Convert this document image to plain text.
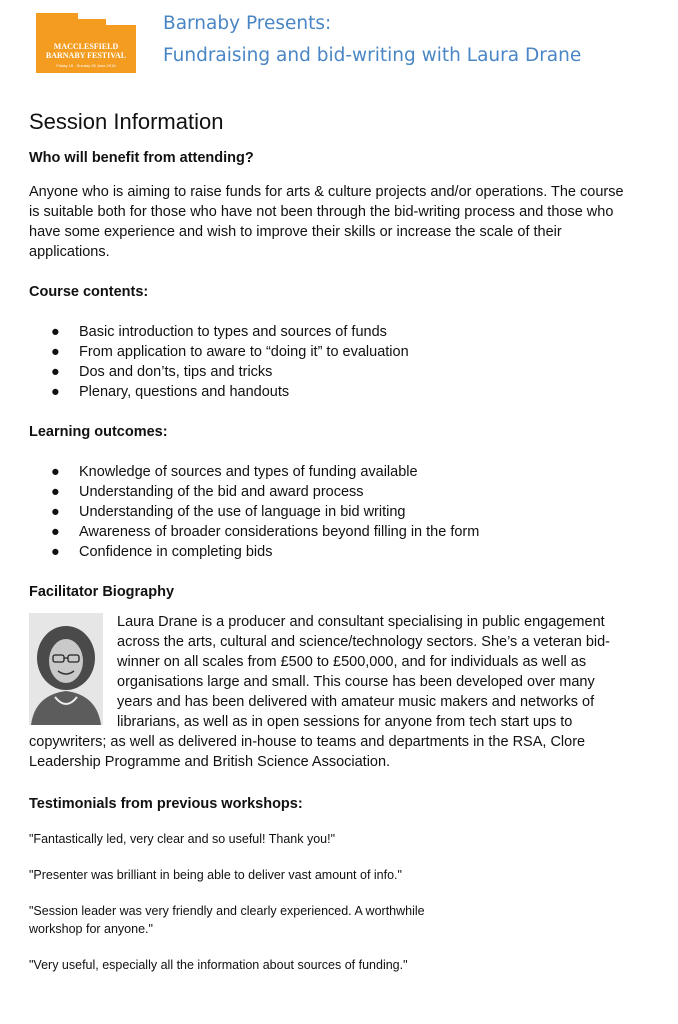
MACCLESFIELD
BARNABY FESTIVAL
Friday 15 - Sunday 26 June 2016
Barnaby Presents:
Fundraising and bid-writing with Laura Drane
Session Information

Who will benefit from attending?

Anyone who is aiming to raise funds for arts & culture projects and/or operations. The course
is suitable both for those who have not been through the bid-writing process and those who
have some experience and wish to improve their skills or increase the scale of their
applications.

Course contents:

● Basic introduction to types and sources of funds
● From application to aware to “doing it” to evaluation
● Dos and don’ts, tips and tricks
● Plenary, questions and handouts

Learning outcomes:

● Knowledge of sources and types of funding available
● Understanding of the bid and award process
● Understanding of the use of language in bid writing
● Awareness of broader considerations beyond filling in the form
● Confidence in completing bids

Facilitator Biography

Laura Drane is a producer and consultant specialising in public engagement
across the arts, cultural and science/technology sectors. She’s a veteran bid-
winner on all scales from £500 to £500,000, and for individuals as well as
organisations large and small. This course has been developed over many
years and has been delivered with amateur music makers and networks of
librarians, as well as in open sessions for anyone from tech start ups to
copywriters; as well as delivered in-house to teams and departments in the RSA, Clore
Leadership Programme and British Science Association.

Testimonials from previous workshops:

"Fantastically led, very clear and so useful! Thank you!"
"Presenter was brilliant in being able to deliver vast amount of info."
"Session leader was very friendly and clearly experienced. A worthwhile
workshop for anyone."
"Very useful, especially all the information about sources of funding."
